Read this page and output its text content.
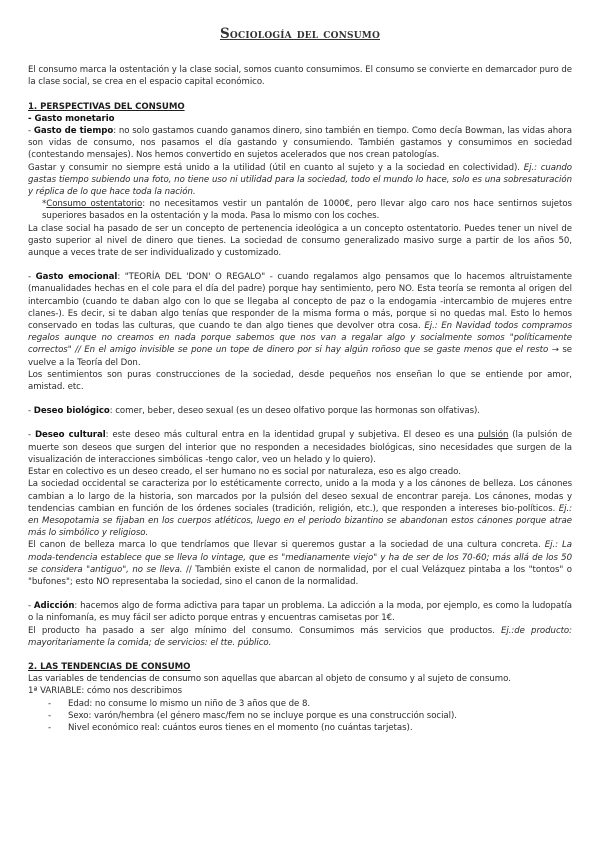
Sociología del consumo

El consumo marca la ostentación y la clase social, somos cuanto consumimos. El consumo se convierte en demarcador puro de la clase social, se crea en el espacio capital económico.

1. PERSPECTIVAS DEL CONSUMO

- Gasto monetario

- Gasto de tiempo: no solo gastamos cuando ganamos dinero, sino también en tiempo. Como decía Bowman, las vidas ahora son vidas de consumo, nos pasamos el día gastando y consumiendo. También gastamos y consumimos en sociedad (contestando mensajes). Nos hemos convertido en sujetos acelerados que nos crean patologías.

Gastar y consumir no siempre está unido a la utilidad (útil en cuanto al sujeto y a la sociedad en colectividad). Ej.: cuando gastas tiempo subiendo una foto, no tiene uso ni utilidad para la sociedad, todo el mundo lo hace, solo es una sobresaturación y réplica de lo que hace toda la nación.

*Consumo ostentatorio: no necesitamos vestir un pantalón de 1000€, pero llevar algo caro nos hace sentirnos sujetos superiores basados en la ostentación y la moda. Pasa lo mismo con los coches.

La clase social ha pasado de ser un concepto de pertenencia ideológica a un concepto ostentatorio. Puedes tener un nivel de gasto superior al nivel de dinero que tienes. La sociedad de consumo generalizado masivo surge a partir de los años 50, aunque a veces trate de ser individualizado y customizado.

- Gasto emocional: "TEORÍA DEL 'DON' O REGALO" - cuando regalamos algo pensamos que lo hacemos altruistamente (manualidades hechas en el cole para el día del padre) porque hay sentimiento, pero NO. Esta teoría se remonta al origen del intercambio (cuando te daban algo con lo que se llegaba al concepto de paz o la endogamia -intercambio de mujeres entre clanes-). Es decir, si te daban algo tenías que responder de la misma forma o más, porque si no quedas mal. Esto lo hemos conservado en todas las culturas, que cuando te dan algo tienes que devolver otra cosa. Ej.: En Navidad todos compramos regalos aunque no creamos en nada porque sabemos que nos van a regalar algo y socialmente somos "políticamente correctos" // En el amigo invisible se pone un tope de dinero por si hay algún roñoso que se gaste menos que el resto → se vuelve a la Teoría del Don.

Los sentimientos son puras construcciones de la sociedad, desde pequeños nos enseñan lo que se entiende por amor, amistad. etc.

- Deseo biológico: comer, beber, deseo sexual (es un deseo olfativo porque las hormonas son olfativas).

- Deseo cultural: este deseo más cultural entra en la identidad grupal y subjetiva. El deseo es una pulsión (la pulsión de muerte son deseos que surgen del interior que no responden a necesidades biológicas, sino necesidades que surgen de la visualización de interacciones simbólicas -tengo calor, veo un helado y lo quiero).

Estar en colectivo es un deseo creado, el ser humano no es social por naturaleza, eso es algo creado.

La sociedad occidental se caracteriza por lo estéticamente correcto, unido a la moda y a los cánones de belleza. Los cánones cambian a lo largo de la historia, son marcados por la pulsión del deseo sexual de encontrar pareja. Los cánones, modas y tendencias cambian en función de los órdenes sociales (tradición, religión, etc.), que responden a intereses bio-políticos. Ej.: en Mesopotamia se fijaban en los cuerpos atléticos, luego en el periodo bizantino se abandonan estos cánones porque atrae más lo simbólico y religioso.

El canon de belleza marca lo que tendríamos que llevar si queremos gustar a la sociedad de una cultura concreta. Ej.: La moda-tendencia establece que se lleva lo vintage, que es "medianamente viejo" y ha de ser de los 70-60; más allá de los 50 se considera "antiguo", no se lleva. // También existe el canon de normalidad, por el cual Velázquez pintaba a los "tontos" o "bufones"; esto NO representaba la sociedad, sino el canon de la normalidad.

- Adicción: hacemos algo de forma adictiva para tapar un problema. La adicción a la moda, por ejemplo, es como la ludopatía o la ninfomanía, es muy fácil ser adicto porque entras y encuentras camisetas por 1€.

El producto ha pasado a ser algo mínimo del consumo. Consumimos más servicios que productos. Ej.:de producto: mayoritariamente la comida; de servicios: el tte. público.

2. LAS TENDENCIAS DE CONSUMO

Las variables de tendencias de consumo son aquellas que abarcan al objeto de consumo y al sujeto de consumo.

1ª VARIABLE: cómo nos describimos

- Edad: no consume lo mismo un niño de 3 años que de 8.
- Sexo: varón/hembra (el género masc/fem no se incluye porque es una construcción social).
- Nivel económico real: cuántos euros tienes en el momento (no cuántas tarjetas).
